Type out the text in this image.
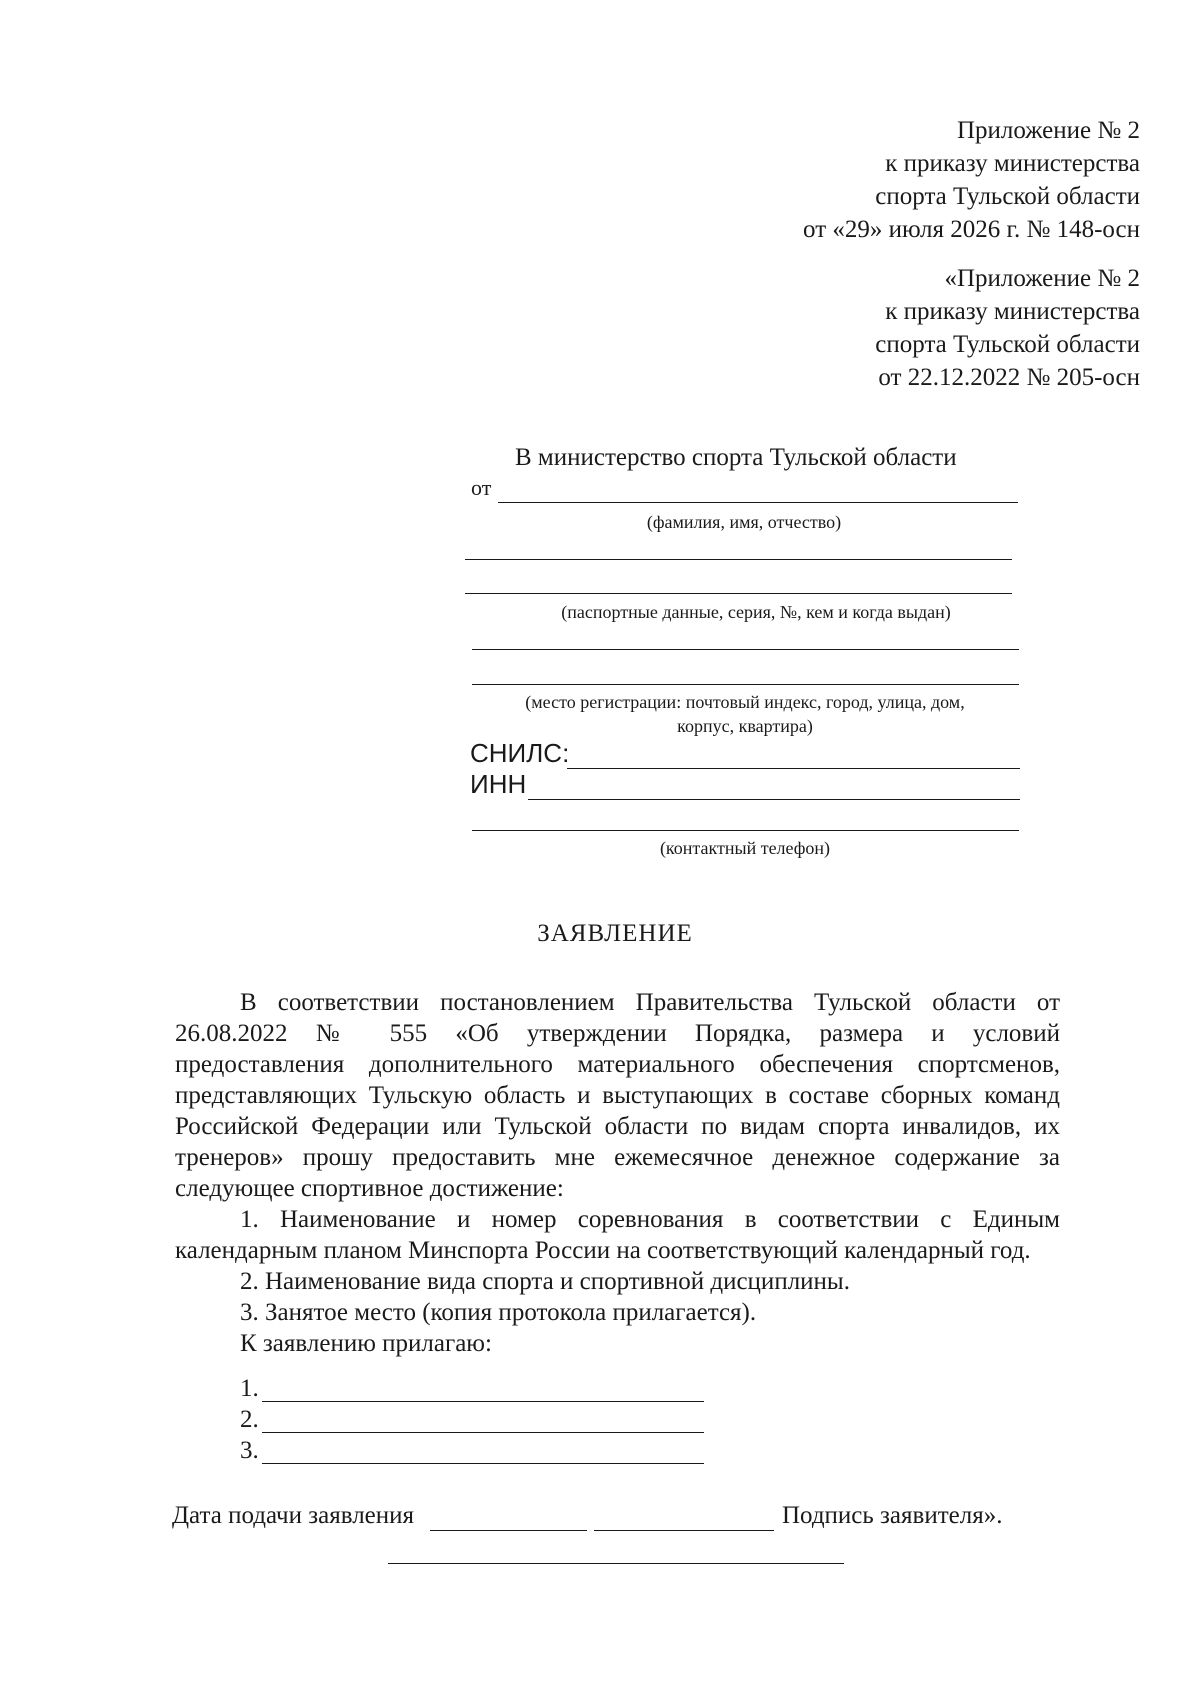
Приложение № 2
к приказу министерства
спорта Тульской области
от «29» июля 2026 г. № 148-осн
«Приложение № 2
к приказу министерства
спорта Тульской области
от 22.12.2022 № 205-осн
В министерство спорта Тульской области
от
(фамилия, имя, отчество)
(паспортные данные, серия, №, кем и когда выдан)
(место регистрации: почтовый индекс, город, улица, дом,
корпус, квартира)
СНИЛС:
ИНН
(контактный телефон)
ЗАЯВЛЕНИЕ
В соответствии постановлением Правительства Тульской области от
26.08.2022 № 555 «Об утверждении Порядка, размера и условий
предоставления дополнительного материального обеспечения спортсменов,
представляющих Тульскую область и выступающих в составе сборных команд
Российской Федерации или Тульской области по видам спорта инвалидов, их
тренеров» прошу предоставить мне ежемесячное денежное содержание за
следующее спортивное достижение:
1. Наименование и номер соревнования в соответствии с Единым
календарным планом Минспорта России на соответствующий календарный год.
2. Наименование вида спорта и спортивной дисциплины.
3. Занятое место (копия протокола прилагается).
К заявлению прилагаю:
1.
2.
3.
Дата подачи заявления	Подпись заявителя».
